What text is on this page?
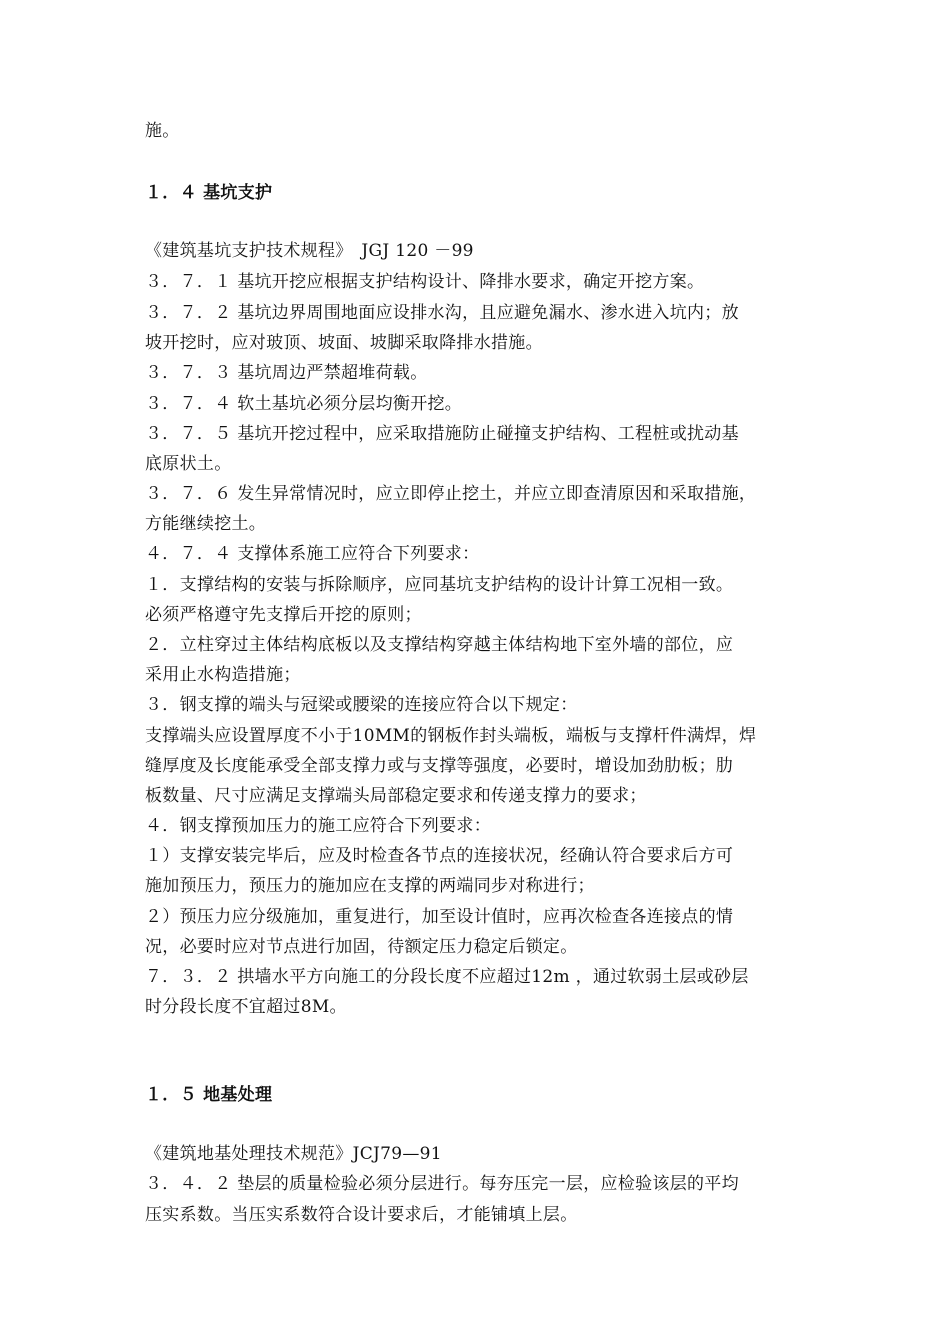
施。
１．４ 基坑支护
《建筑基坑支护技术规程》　JGJ 120 －99
３．７．１ 基坑开挖应根据支护结构设计、降排水要求，确定开挖方案。
３．７．２ 基坑边界周围地面应设排水沟，且应避免漏水、渗水进入坑内；放
坡开挖时，应对玻顶、坡面、坡脚采取降排水措施。
３．７．３ 基坑周边严禁超堆荷载。
３．７．４ 软土基坑必须分层均衡开挖。
３．７．５ 基坑开挖过程中，应采取措施防止碰撞支护结构、工程桩或扰动基
底原状土。
３．７．６ 发生异常情况时，应立即停止挖土，并应立即查清原因和采取措施，
方能继续挖土。
４．７．４ 支撑体系施工应符合下列要求：
１．支撑结构的安装与拆除顺序，应同基坑支护结构的设计计算工况相一致。
必须严格遵守先支撑后开挖的原则；
２．立柱穿过主体结构底板以及支撑结构穿越主体结构地下室外墙的部位，应
采用止水构造措施；
３．钢支撑的端头与冠梁或腰梁的连接应符合以下规定：
支撑端头应设置厚度不小于10MM的钢板作封头端板，端板与支撑杆件满焊，焊
缝厚度及长度能承受全部支撑力或与支撑等强度，必要时，增设加劲肋板；肋
板数量、尺寸应满足支撑端头局部稳定要求和传递支撑力的要求；
４．钢支撑预加压力的施工应符合下列要求：
１）支撑安装完毕后，应及时检查各节点的连接状况，经确认符合要求后方可
施加预压力，预压力的施加应在支撑的两端同步对称进行；
２）预压力应分级施加，重复进行，加至设计值时，应再次检查各连接点的情
况，必要时应对节点进行加固，待额定压力稳定后锁定。
７．３．２ 拱墙水平方向施工的分段长度不应超过12m ，通过软弱土层或砂层
时分段长度不宜超过8M。
１．５ 地基处理
《建筑地基处理技术规范》JCJ79—91
３．４．２ 垫层的质量检验必须分层进行。每夯压完一层，应检验该层的平均
压实系数。当压实系数符合设计要求后，才能铺填上层。
